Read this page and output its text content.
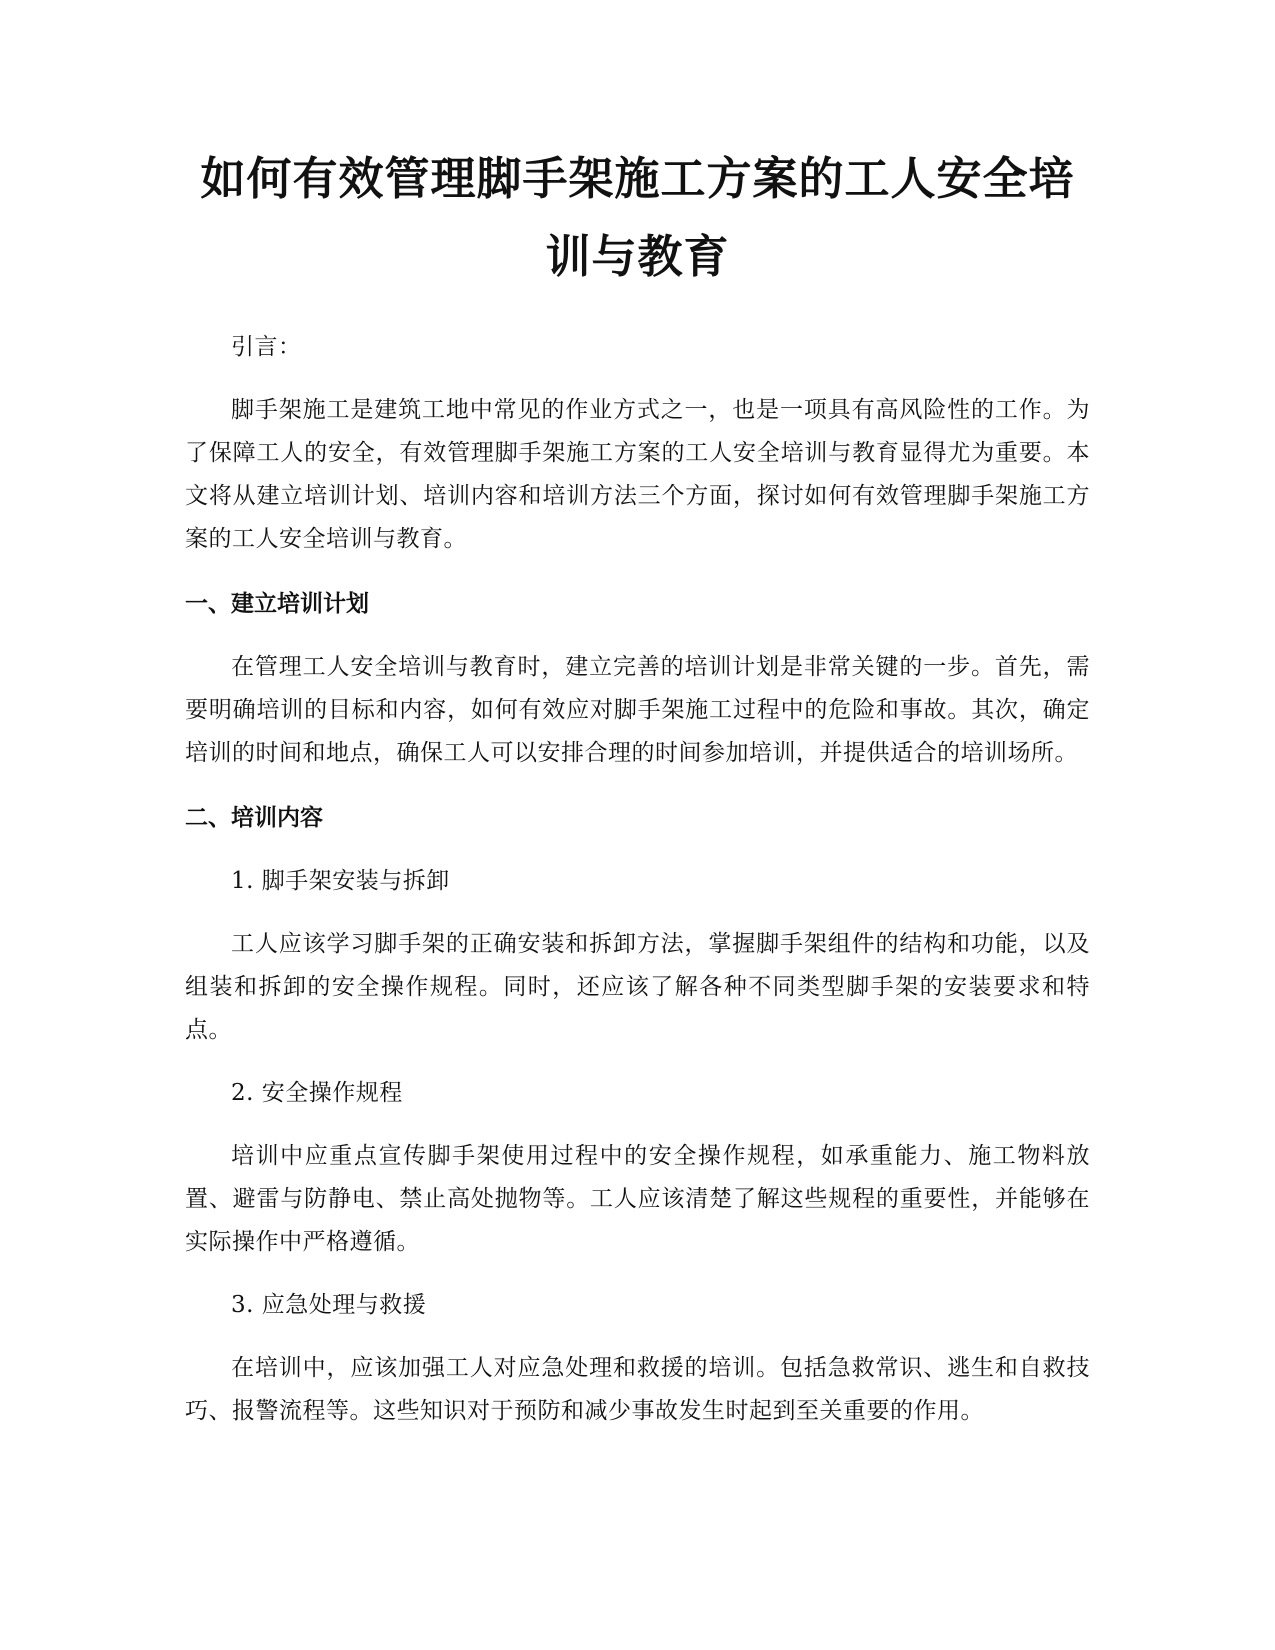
如何有效管理脚手架施工方案的工人安全培
训与教育

引言：

脚手架施工是建筑工地中常见的作业方式之一，也是一项具有高风险性的工作。为了保障工人的安全，有效管理脚手架施工方案的工人安全培训与教育显得尤为重要。本文将从建立培训计划、培训内容和培训方法三个方面，探讨如何有效管理脚手架施工方案的工人安全培训与教育。

一、建立培训计划

在管理工人安全培训与教育时，建立完善的培训计划是非常关键的一步。首先，需要明确培训的目标和内容，如何有效应对脚手架施工过程中的危险和事故。其次，确定培训的时间和地点，确保工人可以安排合理的时间参加培训，并提供适合的培训场所。

二、培训内容

1. 脚手架安装与拆卸

工人应该学习脚手架的正确安装和拆卸方法，掌握脚手架组件的结构和功能，以及组装和拆卸的安全操作规程。同时，还应该了解各种不同类型脚手架的安装要求和特点。

2. 安全操作规程

培训中应重点宣传脚手架使用过程中的安全操作规程，如承重能力、施工物料放置、避雷与防静电、禁止高处抛物等。工人应该清楚了解这些规程的重要性，并能够在实际操作中严格遵循。

3. 应急处理与救援

在培训中，应该加强工人对应急处理和救援的培训。包括急救常识、逃生和自救技巧、报警流程等。这些知识对于预防和减少事故发生时起到至关重要的作用。
